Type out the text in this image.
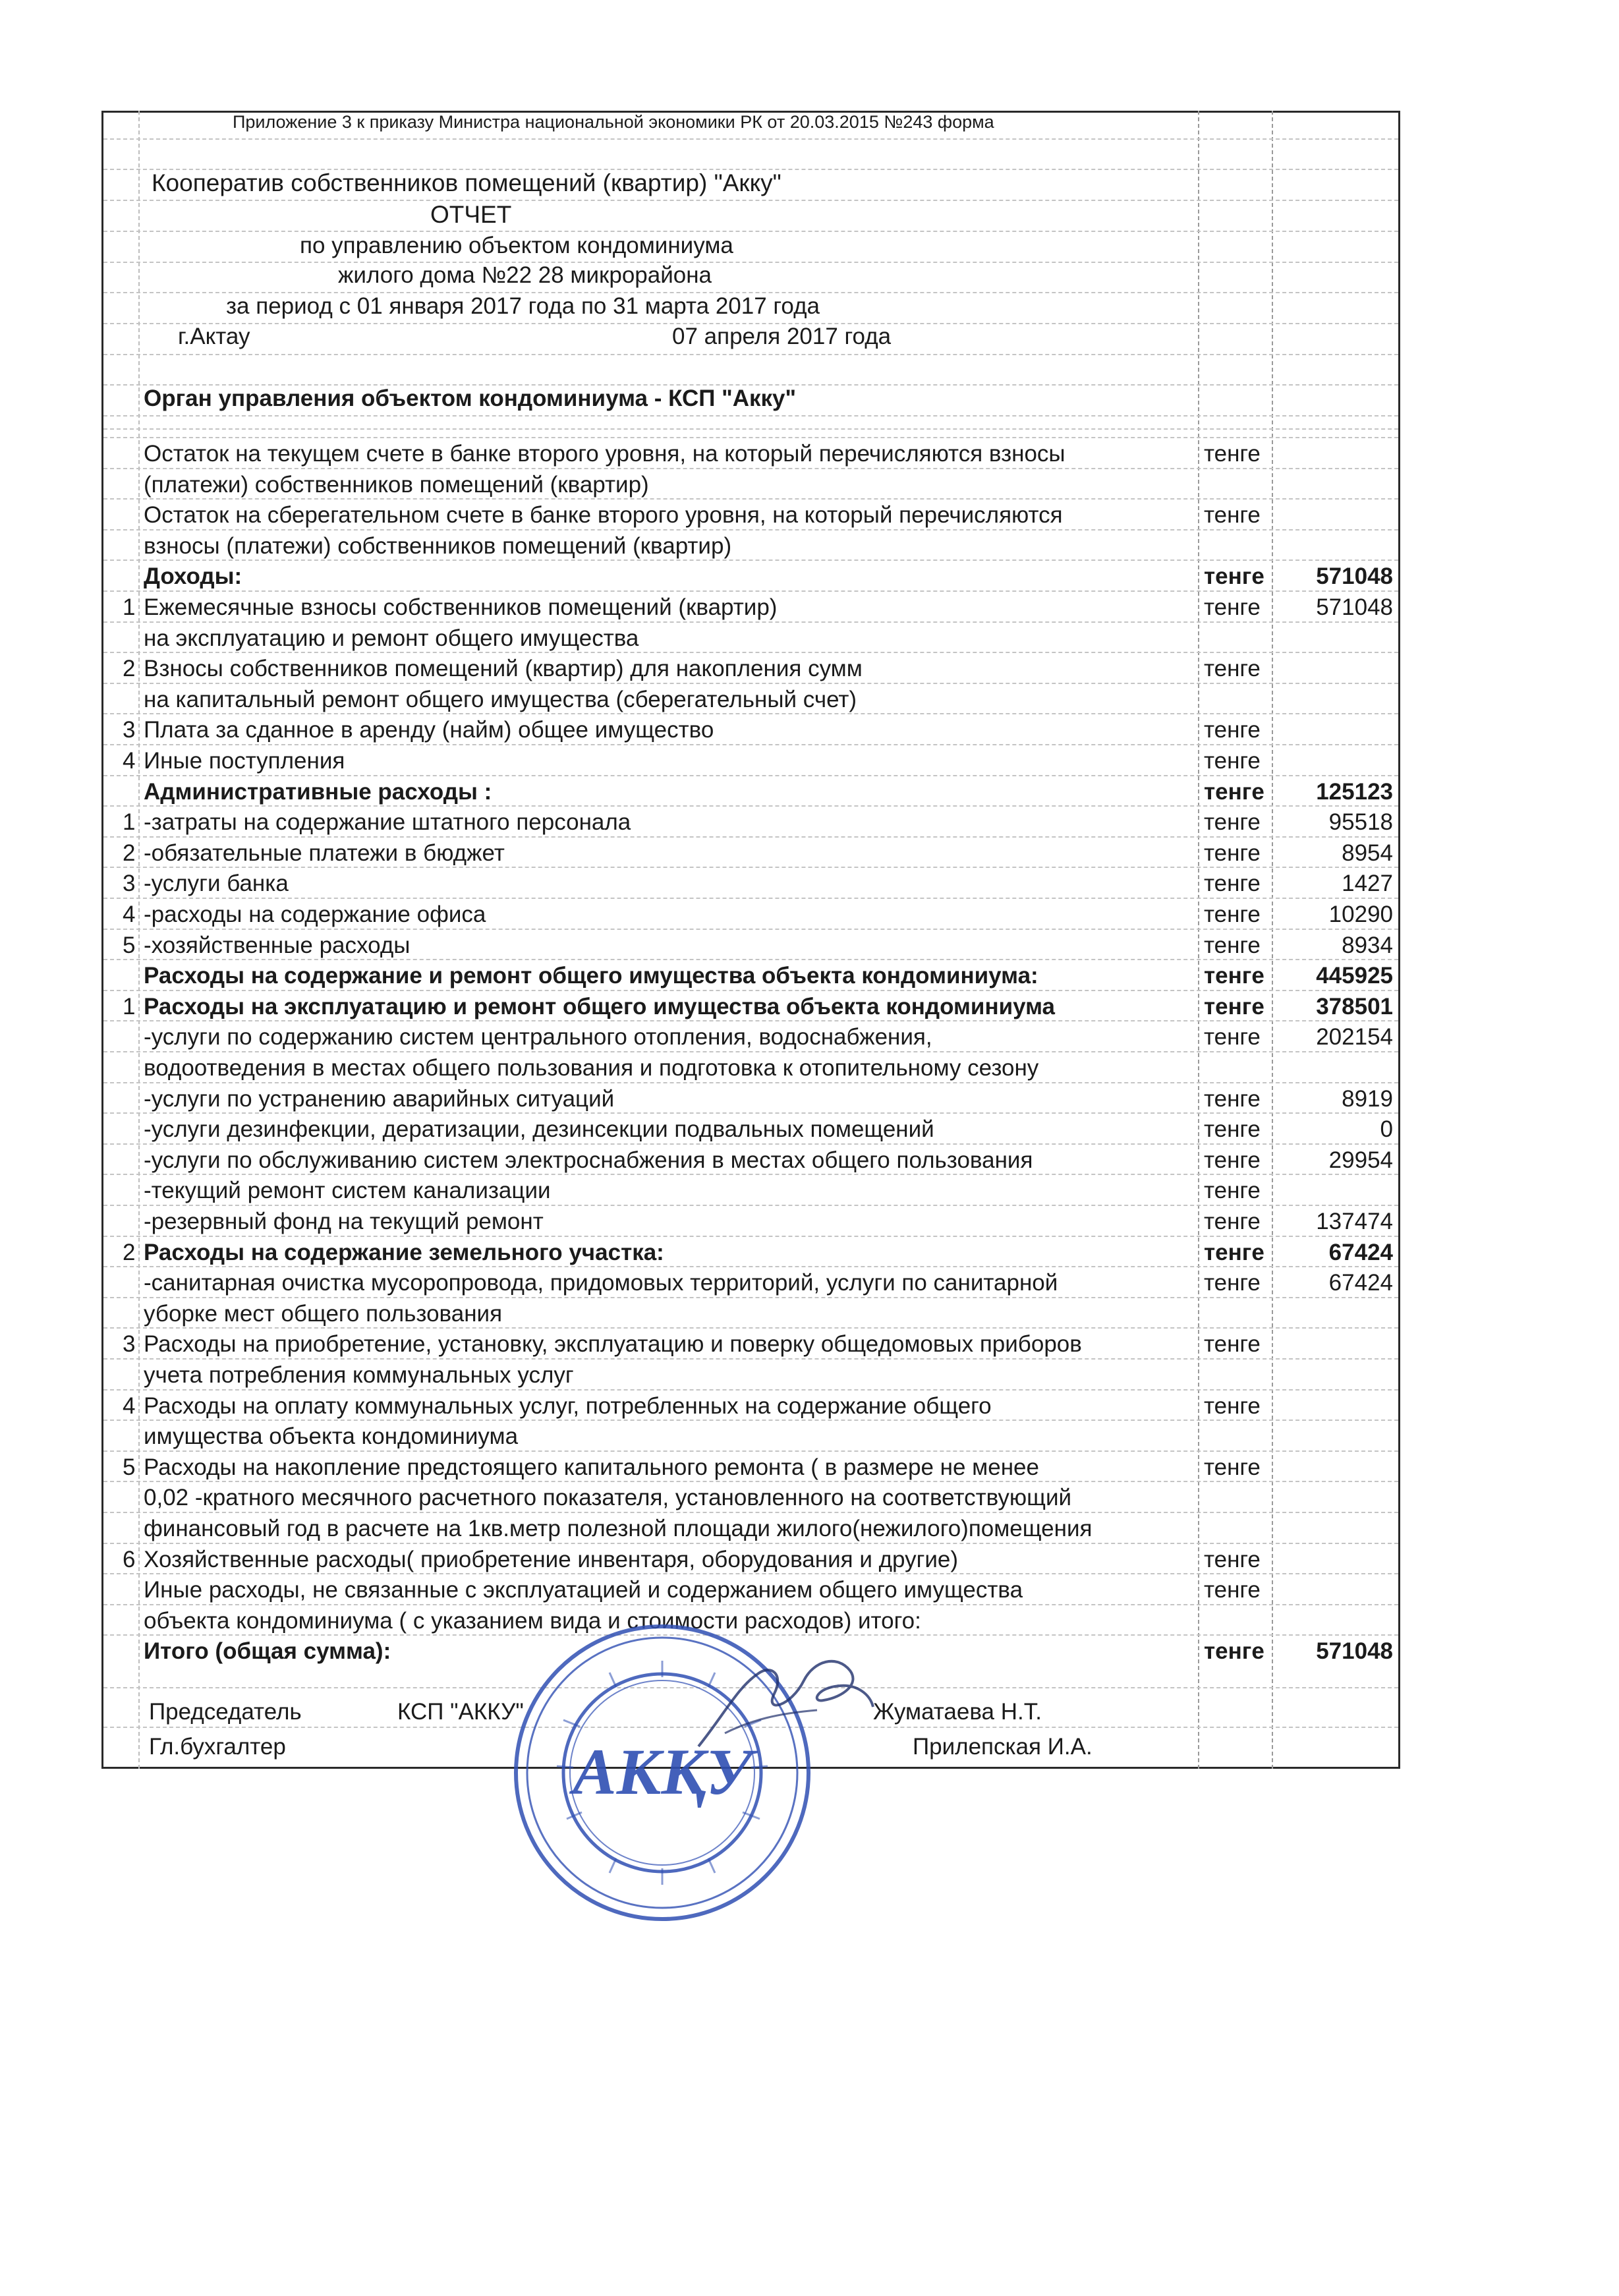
Приложение 3 к приказу Министра национальной экономики РК от 20.03.2015 №243 форма
Кооператив собственников помещений (квартир) "Акку"
ОТЧЕТ
по управлению объектом кондоминиума
жилого дома №22 28 микрорайона
за период с 01 января 2017 года по 31 марта 2017 года
г.Актау	07 апреля 2017 года
Орган управления объектом кондоминиума - КСП "Акку"
Остаток на текущем счете в банке второго уровня, на который перечисляются взносы	тенге
(платежи) собственников помещений (квартир)
Остаток на сберегательном счете в банке второго уровня, на который перечисляются	тенге
взносы (платежи) собственников помещений (квартир)
Доходы:	тенге 571048
1 Ежемесячные взносы собственников помещений (квартир)	тенге 571048
на эксплуатацию и ремонт общего имущества
2 Взносы собственников помещений (квартир) для накопления сумм	тенге
на капитальный ремонт общего имущества (сберегательный счет)
3 Плата за сданное в аренду (найм) общее имущество	тенге
4 Иные поступления	тенге
Административные расходы :	тенге 125123
1 -затраты на содержание штатного персонала	тенге	95518
2 -обязательные платежи в бюджет	тенге	8954
3 -услуги банка	тенге	1427
4 -расходы на содержание офиса	тенге	10290
5 -хозяйственные расходы	тенге	8934
Расходы на содержание и ремонт общего имущества объекта кондоминиума:	тенге 445925
1 Расходы на эксплуатацию и ремонт общего имущества объекта кондоминиума	тенге 378501
-услуги по содержанию систем центрального отопления, водоснабжения,	тенге 202154
водоотведения в местах общего пользования и подготовка к отопительному сезону
-услуги по устранению аварийных ситуаций	тенге	8919
-услуги дезинфекции, дератизации, дезинсекции подвальных помещений	тенге	0
-услуги по обслуживанию систем электроснабжения в местах общего пользования	тенге	29954
-текущий ремонт систем канализации	тенге
-резервный фонд на текущий ремонт	тенге 137474
2 Расходы на содержание земельного участка:	тенге	67424
-санитарная очистка мусоропровода, придомовых территорий, услуги по санитарной	тенге	67424
уборке мест общего пользования
3 Расходы на приобретение, установку, эксплуатацию и поверку общедомовых приборов	тенге
учета потребления коммунальных услуг
4 Расходы на оплату коммунальных услуг, потребленных на содержание общего	тенге
имущества объекта кондоминиума
5 Расходы на накопление предстоящего капитального ремонта ( в размере не менее	тенге
0,02 -кратного месячного расчетного показателя, установленного на соответствующий
финансовый год в расчете на 1кв.метр полезной площади жилого(нежилого)помещения
6 Хозяйственные расходы( приобретение инвентаря, оборудования и другие)	тенге
Иные расходы, не связанные с эксплуатацией и содержанием общего имущества	тенге
объекта кондоминиума ( с указанием вида и стоимости расходов) итого:
Итого (общая сумма):	тенге 571048
Председатель	КСП "АККУ"	Жуматаева Н.Т.
Гл.бухгалтер	Прилепская И.А.
АКҚУ
